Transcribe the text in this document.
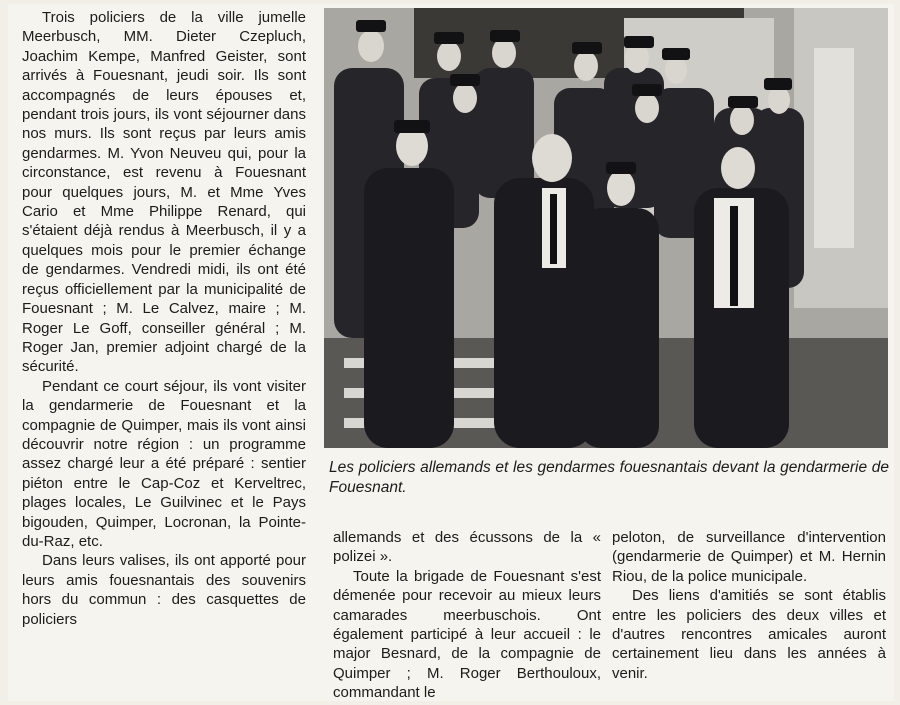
Trois policiers de la ville jumelle Meerbusch, MM. Dieter Czepluch, Joachim Kempe, Manfred Geister, sont arrivés à Fouesnant, jeudi soir. Ils sont accompagnés de leurs épouses et, pendant trois jours, ils vont séjourner dans nos murs. Ils sont reçus par leurs amis gendarmes. M. Yvon Neuveu qui, pour la circonstance, est revenu à Fouesnant pour quelques jours, M. et Mme Yves Cario et Mme Philippe Renard, qui s'étaient déjà rendus à Meerbusch, il y a quelques mois pour le premier échange de gendarmes. Vendredi midi, ils ont été reçus officiellement par la municipalité de Fouesnant ; M. Le Calvez, maire ; M. Roger Le Goff, conseiller général ; M. Roger Jan, premier adjoint chargé de la sécurité.

Pendant ce court séjour, ils vont visiter la gendarmerie de Fouesnant et la compagnie de Quimper, mais ils vont ainsi découvrir notre région : un programme assez chargé leur a été préparé : sentier piéton entre le Cap-Coz et Kerveltrec, plages locales, Le Guilvinec et le Pays bigouden, Quimper, Locronan, la Pointe-du-Raz, etc.

Dans leurs valises, ils ont apporté pour leurs amis fouesnantais des souvenirs hors du commun : des casquettes de policiers

Les policiers allemands et les gendarmes fouesnantais devant la gendarmerie de Fouesnant.

allemands et des écussons de la « polizei ».

Toute la brigade de Fouesnant s'est démenée pour recevoir au mieux leurs camarades meerbuschois. Ont également participé à leur accueil : le major Besnard, de la compagnie de Quimper ; M. Roger Berthouloux, commandant le

peloton, de surveillance d'intervention (gendarmerie de Quimper) et M. Hernin Riou, de la police municipale.

Des liens d'amitiés se sont établis entre les policiers des deux villes et d'autres rencontres amicales auront certainement lieu dans les années à venir.
